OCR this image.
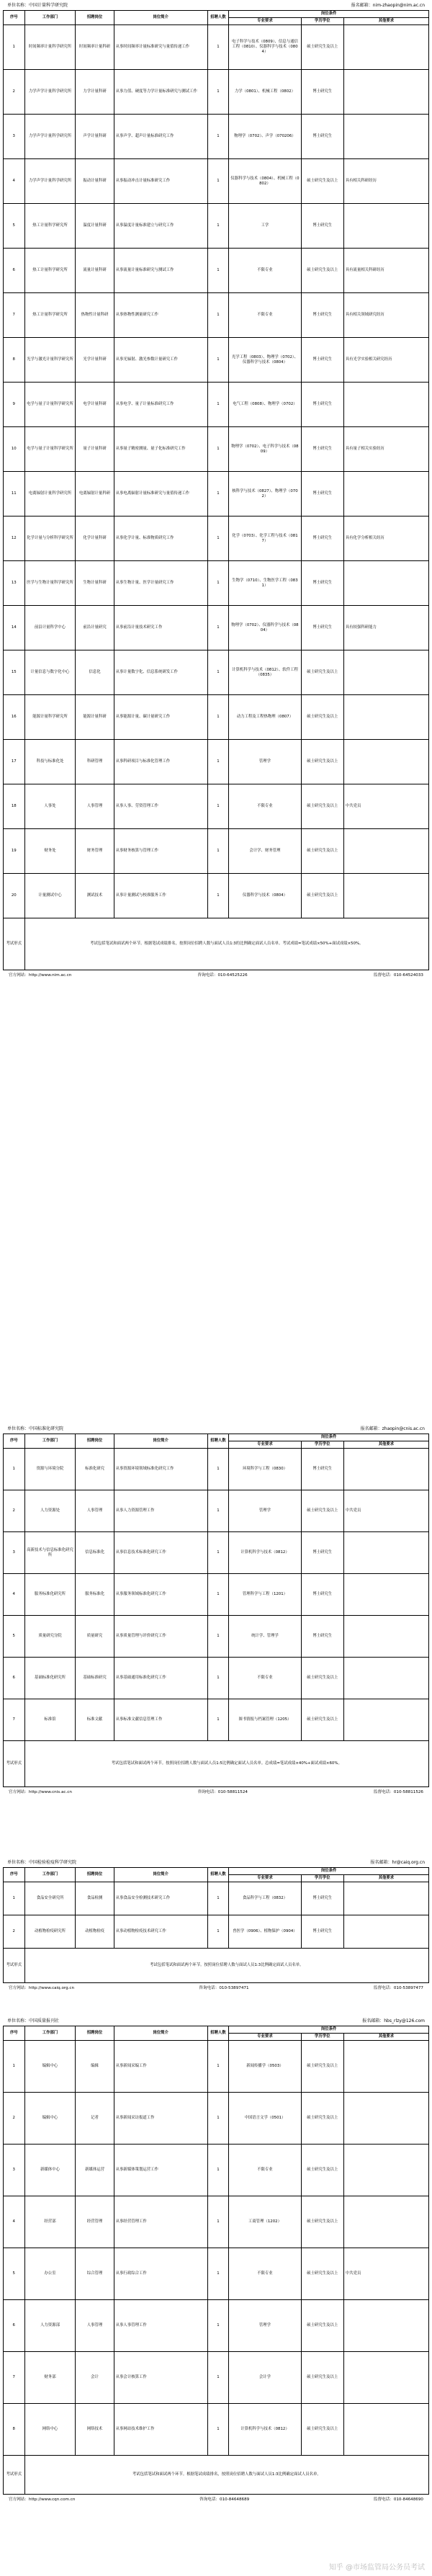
单位名称：中国计量科学研究院	报名邮箱：nim-zhaopin@nim.ac.cn
序号	工作部门	招聘岗位	岗位简介	招聘人数	岗位条件		
					专业要求	学历学位	其他要求
1	时间频率计量科学研究所	时间频率计量科研	从事时间频率计量标准研究与量值传递工作	1	电子科学与技术（0809）、信息与通信工程（0810）、仪器科学与技术（0804）	硕士研究生及以上	
2	力学声学计量科学研究所	力学计量科研	从事力值、硬度等力学计量标准研究与测试工作	1	力学（0801）、机械工程（0802）	博士研究生	
3	力学声学计量科学研究所	声学计量科研	从事声学、超声计量标准研究工作	1	物理学（0702）、声学（070206）	博士研究生	
4	力学声学计量科学研究所	振动计量科研	从事振动冲击计量标准研究工作	1	仪器科学与技术（0804）、机械工程（0802）	硕士研究生及以上	具有相关科研经历
5	热工计量科学研究所	温度计量科研	从事温度计量标准建立与研究工作	1	工学	博士研究生	
6	热工计量科学研究所	流量计量科研	从事流量计量标准研究与测试工作	1	不限专业	硕士研究生及以上	具有流量相关科研经历
7	热工计量科学研究所	热物性计量科研	从事热物性测量研究工作	1	不限专业	博士研究生	具有相关领域研究经历
8	光学与激光计量科学研究所	光学计量科研	从事光辐射、激光参数计量研究工作	1	光学工程（0803）、物理学（0702）、仪器科学与技术（0804）	博士研究生	具有光学实验相关研究经历
9	电学与量子计量科学研究所	电学计量科研	从事电学、量子计量标准研究工作	1	电气工程（0808）、物理学（0702）	博士研究生	
10	电学与量子计量科学研究所	量子计量科研	从事量子精密测量、量子化标准研究工作	1	物理学（0702）、电子科学与技术（0809）	博士研究生	具有量子相关实验经历
11	电离辐射计量科学研究所	电离辐射计量科研	从事电离辐射计量标准研究与量值传递工作	1	核科学与技术（0827）、物理学（0702）	博士研究生	
12	化学计量与分析科学研究所	化学计量科研	从事化学计量、标准物质研究工作	1	化学（0703）、化学工程与技术（0817）	博士研究生	具有化学分析相关经历
13	医学与生物计量科学研究所	生物计量科研	从事生物计量、医学计量研究工作	1	生物学（0710）、生物医学工程（0831）	博士研究生	
14	前沿计量科学中心	前沿计量研究	从事前沿计量技术研究工作	1	物理学（0702）、仪器科学与技术（0804）	博士研究生	具有较强科研能力
15	计量信息与数字化中心	信息化	从事计量数字化、信息系统研发工作	1	计算机科学与技术（0812）、软件工程（0835）	硕士研究生及以上	
16	能源计量科学研究所	能源计量科研	从事能源计量、碳计量研究工作	1	动力工程及工程热物理（0807）	硕士研究生及以上	
17	科技与标准化处	科研管理	从事科研项目与标准化管理工作	1	管理学	硕士研究生及以上	
18	人事处	人事管理	从事人事、劳资管理工作	1	不限专业	硕士研究生及以上	中共党员
19	财务处	财务管理	从事财务核算与管理工作	1	会计学、财务管理	硕士研究生及以上	
20	计量测试中心	测试技术	从事计量测试与校准服务工作	1	仪器科学与技术（0804）	硕士研究生及以上	
考试形式	考试包括笔试和面试两个环节。根据笔试成绩排名，按照岗位招聘人数与面试人员1:3的比例确定面试人员名单。考试成绩=笔试成绩×50%+面试成绩×50%。						
官方网站：http://www.nim.ac.cn	咨询电话：010-64525226	监督电话：010-64524033
单位名称：中国标准化研究院	报名邮箱：zhaopin@cnis.ac.cn
序号	工作部门	招聘岗位	岗位简介	招聘人数	岗位条件		
					专业要求	学历学位	其他要求
1	资源与环境分院	标准化研究	从事资源环境领域标准化研究工作	1	环境科学与工程（0830）	博士研究生	
2	人力资源处	人事管理	从事人力资源管理工作	1	管理学	硕士研究生及以上	中共党员
3	高新技术与信息标准化研究所	信息标准化	从事信息技术标准化研究工作	1	计算机科学与技术（0812）	博士研究生	
4	服务标准化研究所	服务标准化	从事服务领域标准化研究工作	1	管理科学与工程（1201）	博士研究生	
5	质量研究分院	质量研究	从事质量管理与评价研究工作	1	统计学、管理学	博士研究生	
6	基础标准化研究所	基础标准研究	从事基础通用标准化研究工作	1	不限专业	硕士研究生及以上	
7	标准馆	标准文献	从事标准文献信息管理工作	1	图书情报与档案管理（1205）	硕士研究生及以上	
考试形式	考试包括笔试和面试两个环节。按照岗位招聘人数与面试人员1:5比例确定面试人员名单。总成绩=笔试成绩×40%+面试成绩×60%。						
官方网站：http://www.cnis.ac.cn	咨询电话：010-58811524	监督电话：010-58811526
单位名称：中国检验检疫科学研究院	报名邮箱：hr@caiq.org.cn
序号	工作部门	招聘岗位	岗位简介	招聘人数	岗位条件		
					专业要求	学历学位	其他要求
1	食品安全研究所	食品检测	从事食品安全检测技术研究工作	1	食品科学与工程（0832）	博士研究生	
2	动植物检疫研究所	动植物检疫	从事动植物检疫技术研究工作	1	兽医学（0906）、植物保护（0904）	博士研究生	
考试形式	考试包括笔试和面试两个环节。按照岗位招聘人数与面试人员1:3比例确定面试人员名单。						
官方网站：http://www.caiq.org.cn	咨询电话：010-53897471	监督电话：010-53897477
单位名称：中国质量报刊社	报名邮箱：hbs_rlzy@126.com
序号	工作部门	招聘岗位	岗位简介	招聘人数	岗位条件		
					专业要求	学历学位	其他要求
1	编辑中心	编辑	从事新闻采编工作	1	新闻传播学（0503）	硕士研究生及以上	
2	编辑中心	记者	从事新闻采访报道工作	1	中国语言文学（0501）	硕士研究生及以上	
3	新媒体中心	新媒体运营	从事新媒体策划运营工作	1	不限专业	硕士研究生及以上	
4	经营部	经营管理	从事经营管理工作	1	工商管理（1202）	硕士研究生及以上	
5	办公室	综合管理	从事行政综合工作	1	不限专业	硕士研究生及以上	中共党员
6	人力资源部	人事管理	从事人事管理工作	1	管理学	硕士研究生及以上	
7	财务部	会计	从事会计核算工作	1	会计学	硕士研究生及以上	
8	网络中心	网络技术	从事网站技术维护工作	1	计算机科学与技术（0812）	硕士研究生及以上	
考试形式	考试包括笔试和面试两个环节。根据笔试成绩排名，按照岗位招聘人数与面试人员1:3比例确定面试人员名单。						
官方网站：http://www.cqn.com.cn	咨询电话：010-84648689	监督电话：010-84648690
知乎 @市场监管局公务员考试
